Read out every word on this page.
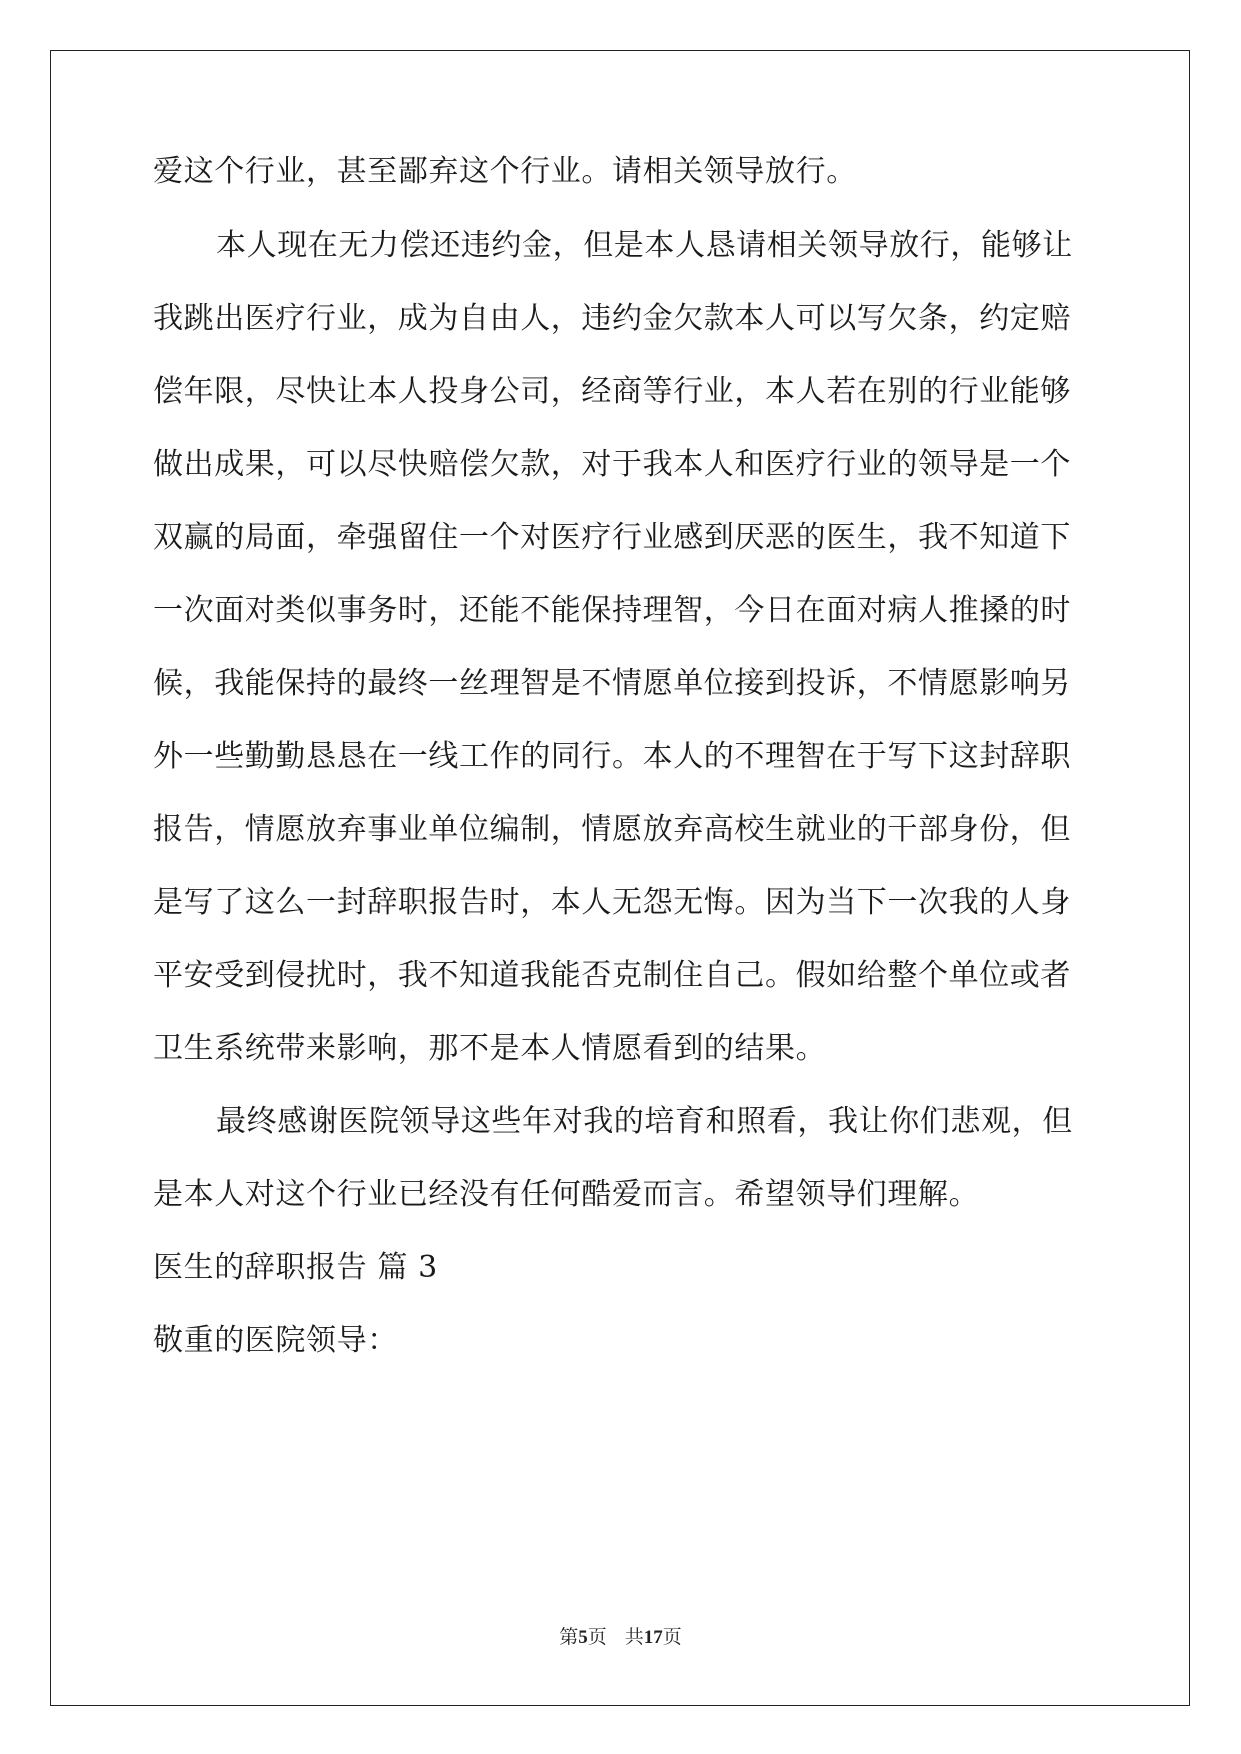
爱这个行业，甚至鄙弃这个行业。请相关领导放行。
本人现在无力偿还违约金，但是本人恳请相关领导放行，能够让
我跳出医疗行业，成为自由人，违约金欠款本人可以写欠条，约定赔
偿年限，尽快让本人投身公司，经商等行业，本人若在别的行业能够
做出成果，可以尽快赔偿欠款，对于我本人和医疗行业的领导是一个
双赢的局面，牵强留住一个对医疗行业感到厌恶的医生，我不知道下
一次面对类似事务时，还能不能保持理智，今日在面对病人推搡的时
候，我能保持的最终一丝理智是不情愿单位接到投诉，不情愿影响另
外一些勤勤恳恳在一线工作的同行。本人的不理智在于写下这封辞职
报告，情愿放弃事业单位编制，情愿放弃高校生就业的干部身份，但
是写了这么一封辞职报告时，本人无怨无悔。因为当下一次我的人身
平安受到侵扰时，我不知道我能否克制住自己。假如给整个单位或者
卫生系统带来影响，那不是本人情愿看到的结果。
最终感谢医院领导这些年对我的培育和照看，我让你们悲观，但
是本人对这个行业已经没有任何酷爱而言。希望领导们理解。
医生的辞职报告 篇 3
敬重的医院领导：
第5页 共17页
